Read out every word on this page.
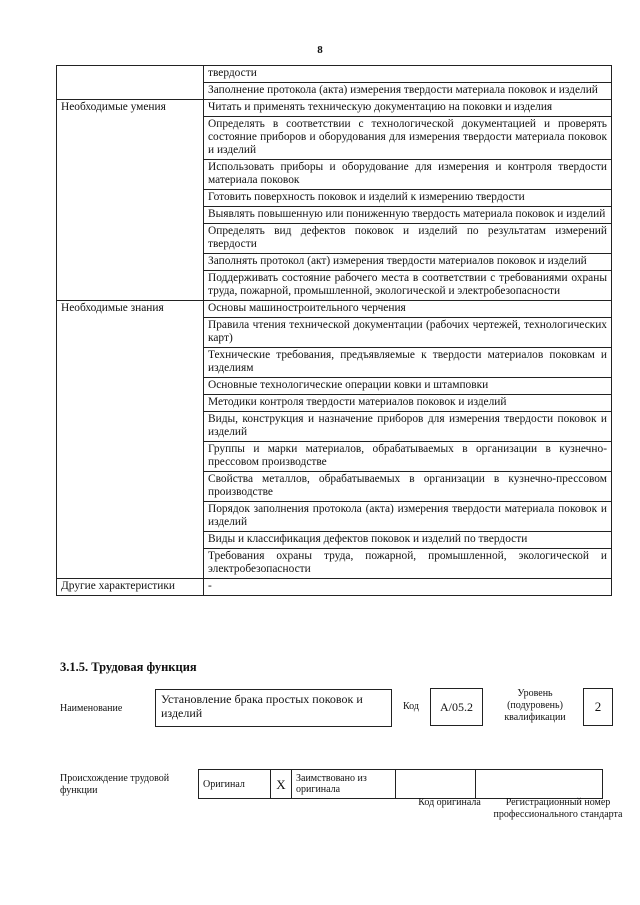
8
	твердости
	Заполнение протокола (акта) измерения твердости материала поковок и изделий
Необходимые умения	Читать и применять техническую документацию на поковки и изделия
	Определять в соответствии с технологической документацией и проверять состояние приборов и оборудования для измерения твердости материала поковок и изделий
	Использовать приборы и оборудование для измерения и контроля твердости материала поковок
	Готовить поверхность поковок и изделий к измерению твердости
	Выявлять повышенную или пониженную твердость материала поковок и изделий
	Определять вид дефектов поковок и изделий по результатам измерений твердости
	Заполнять протокол (акт) измерения твердости материалов поковок и изделий
	Поддерживать состояние рабочего места в соответствии с требованиями охраны труда, пожарной, промышленной, экологической и электробезопасности
Необходимые знания	Основы машиностроительного черчения
	Правила чтения технической документации (рабочих чертежей, технологических карт)
	Технические требования, предъявляемые к твердости материалов поковкам и изделиям
	Основные технологические операции ковки и штамповки
	Методики контроля твердости материалов поковок и изделий
	Виды, конструкция и назначение приборов для измерения твердости поковок и изделий
	Группы и марки материалов, обрабатываемых в организации в кузнечно-прессовом производстве
	Свойства металлов, обрабатываемых в организации в кузнечно-прессовом производстве
	Порядок заполнения протокола (акта) измерения твердости материала поковок и изделий
	Виды и классификация дефектов поковок и изделий по твердости
	Требования охраны труда, пожарной, промышленной, экологической и электробезопасности
Другие характеристики	-
3.1.5. Трудовая функция
Наименование
Установление брака простых поковок и изделий	Код	А/05.2
Уровень (подуровень) квалификации
2
Происхождение трудовой функции
Оригинал	X	Заимствовано из оригинала		
Код оригинала	Регистрационный номер профессионального стандарта
